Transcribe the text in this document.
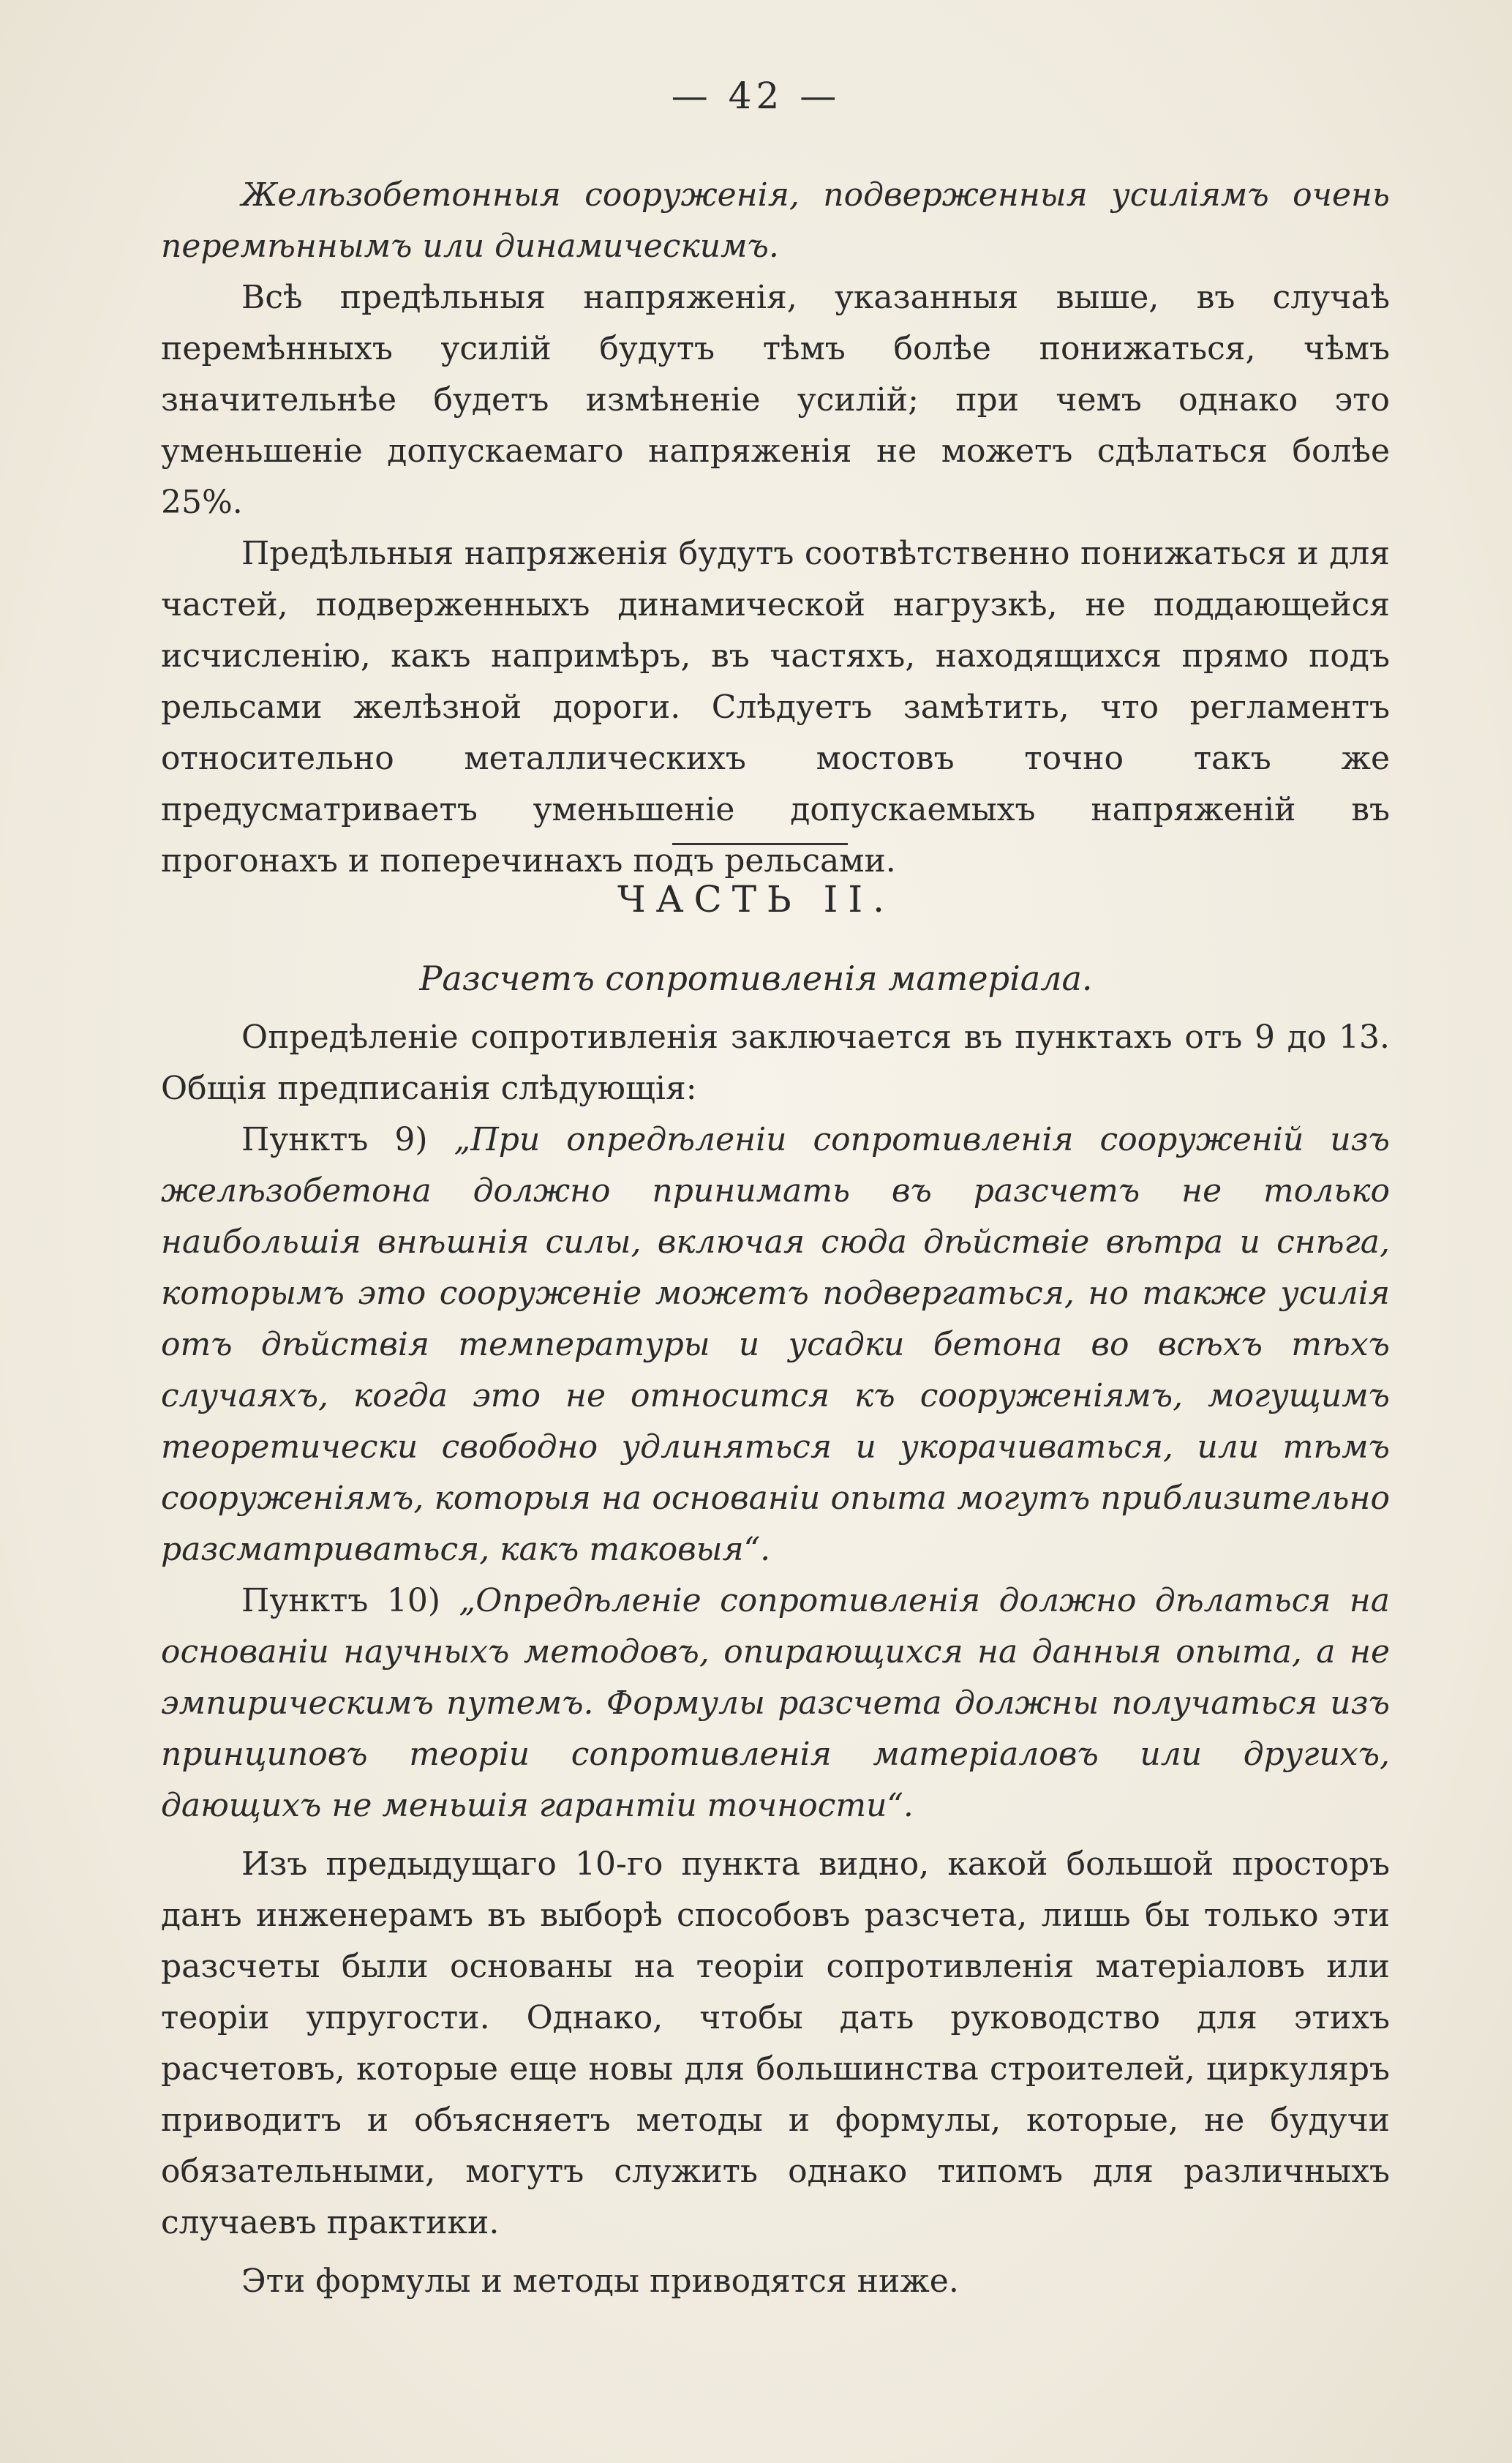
— 42 —

Желѣзобетонныя сооруженія, подверженныя усиліямъ очень перемѣннымъ или динамическимъ.

Всѣ предѣльныя напряженія, указанныя выше, въ случаѣ перемѣнныхъ усилій будутъ тѣмъ болѣе понижаться, чѣмъ значительнѣе будетъ измѣненіе усилій; при чемъ однако это уменьшеніе допускаемаго напряженія не можетъ сдѣлаться болѣе 25%.

Предѣльныя напряженія будутъ соотвѣтственно понижаться и для частей, подверженныхъ динамической нагрузкѣ, не поддающейся исчисленію, какъ напримѣръ, въ частяхъ, находящихся прямо подъ рельсами желѣзной дороги. Слѣдуетъ замѣтить, что регламентъ относительно металлическихъ мостовъ точно такъ же предусматриваетъ уменьшеніе допускаемыхъ напряженій въ прогонахъ и поперечинахъ подъ рельсами.

ЧАСТЬ II.
Разсчетъ сопротивленія матеріала.

Опредѣленіе сопротивленія заключается въ пунктахъ отъ 9 до 13. Общія предписанія слѣдующія:

Пунктъ 9) „При опредѣленіи сопротивленія сооруженій изъ желѣзобетона должно принимать въ разсчетъ не только наибольшія внѣшнія силы, включая сюда дѣйствіе вѣтра и снѣга, которымъ это сооруженіе можетъ подвергаться, но также усилія отъ дѣйствія температуры и усадки бетона во всѣхъ тѣхъ случаяхъ, когда это не относится къ сооруженіямъ, могущимъ теоретически свободно удлиняться и укорачиваться, или тѣмъ сооруженіямъ, которыя на основаніи опыта могутъ приблизительно разсматриваться, какъ таковыя“.

Пунктъ 10) „Опредѣленіе сопротивленія должно дѣлаться на основаніи научныхъ методовъ, опирающихся на данныя опыта, а не эмпирическимъ путемъ. Формулы разсчета должны получаться изъ принциповъ теоріи сопротивленія матеріаловъ или другихъ, дающихъ не меньшія гарантіи точности“.

Изъ предыдущаго 10-го пункта видно, какой большой просторъ данъ инженерамъ въ выборѣ способовъ разсчета, лишь бы только эти разсчеты были основаны на теоріи сопротивленія матеріаловъ или теоріи упругости. Однако, чтобы дать руководство для этихъ расчетовъ, которые еще новы для большинства строителей, циркуляръ приводитъ и объясняетъ методы и формулы, которые, не будучи обязательными, могутъ служить однако типомъ для различныхъ случаевъ практики.

Эти формулы и методы приводятся ниже.
